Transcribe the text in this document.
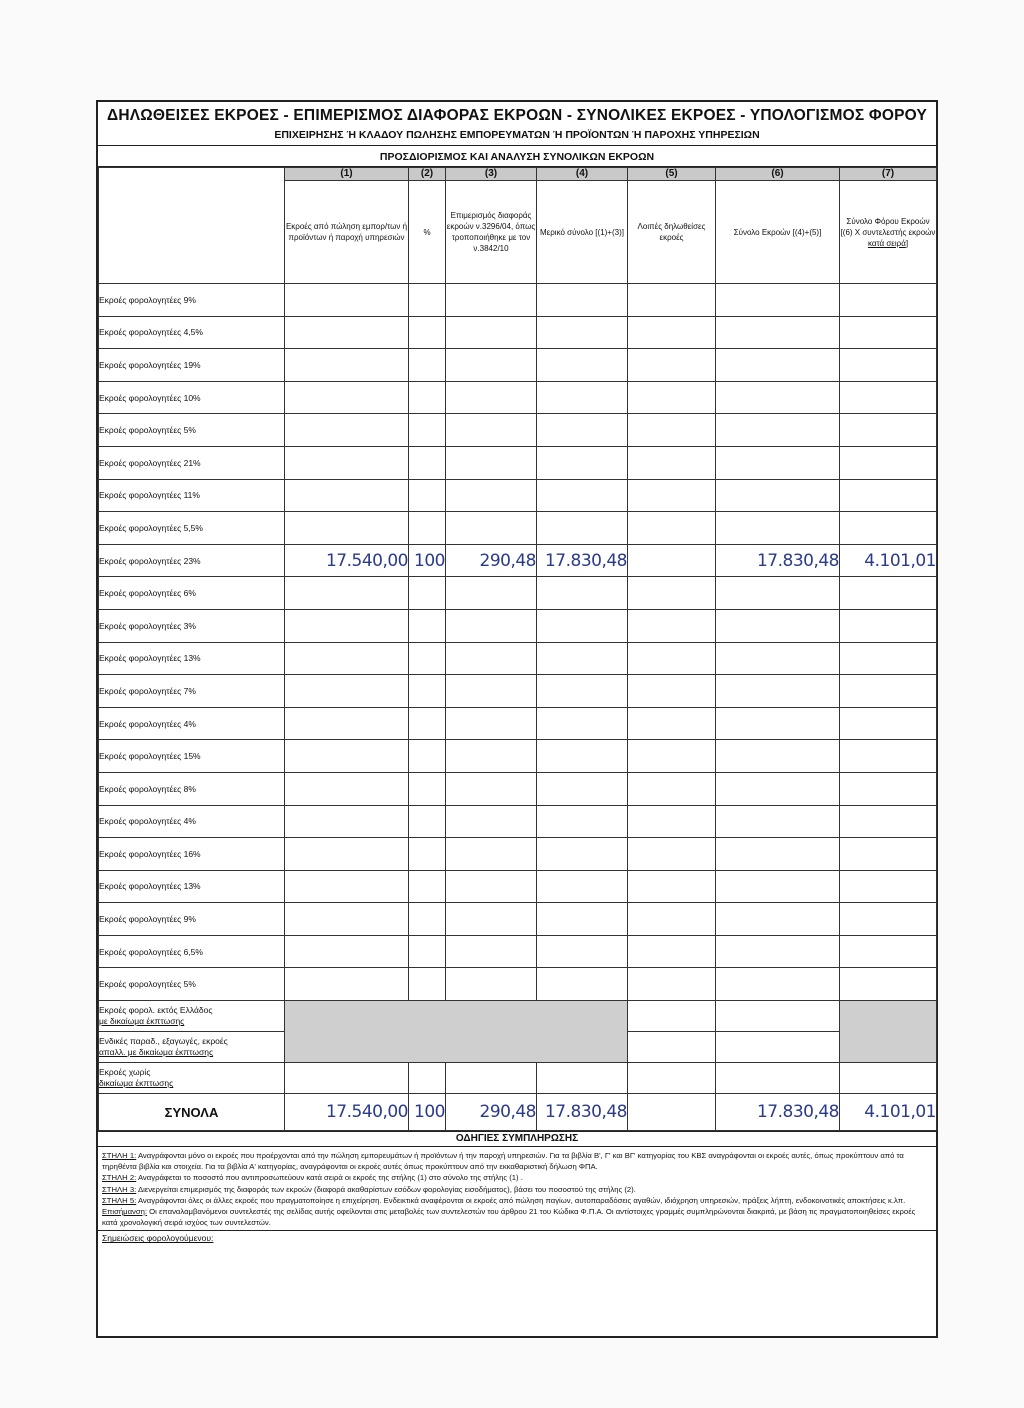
ΔΗΛΩΘΕΙΣΕΣ ΕΚΡΟΕΣ - ΕΠΙΜΕΡΙΣΜΟΣ ΔΙΑΦΟΡΑΣ ΕΚΡΟΩΝ - ΣΥΝΟΛΙΚΕΣ ΕΚΡΟΕΣ - ΥΠΟΛΟΓΙΣΜΟΣ ΦΟΡΟΥ
ΕΠΙΧΕΙΡΗΣΗΣ Ή ΚΛΑΔΟΥ ΠΩΛΗΣΗΣ ΕΜΠΟΡΕΥΜΑΤΩΝ Ή ΠΡΟΪΟΝΤΩΝ Ή ΠΑΡΟΧΗΣ ΥΠΗΡΕΣΙΩΝ
ΠΡΟΣΔΙΟΡΙΣΜΟΣ ΚΑΙ ΑΝΑΛΥΣΗ ΣΥΝΟΛΙΚΩΝ ΕΚΡΟΩΝ
	(1)	(2)	(3)	(4)	(5)	(6)	(7)
	Εκροές από πώληση εμπορ/των ή προϊόντων ή παροχή υπηρεσιών	%	Επιμερισμός διαφοράς εκροών ν.3296/04, όπως τροποποιήθηκε με τον ν.3842/10	Μερικό σύνολο [(1)+(3)]	Λοιπές δηλωθείσες εκροές	Σύνολο Εκροών [(4)+(5)]	Σύνολο Φόρου Εκροών [(6) Χ συντελεστής εκροών κατά σειρά]
Εκροές φορολογητέες 9%							
Εκροές φορολογητέες 4,5%							
Εκροές φορολογητέες 19%							
Εκροές φορολογητέες 10%							
Εκροές φορολογητέες 5%							
Εκροές φορολογητέες 21%							
Εκροές φορολογητέες 11%							
Εκροές φορολογητέες 5,5%							
Εκροές φορολογητέες 23%	17.540,00	100	290,48	17.830,48		17.830,48	4.101,01
Εκροές φορολογητέες 6%							
Εκροές φορολογητέες 3%							
Εκροές φορολογητέες 13%							
Εκροές φορολογητέες 7%							
Εκροές φορολογητέες 4%							
Εκροές φορολογητέες 15%							
Εκροές φορολογητέες 8%							
Εκροές φορολογητέες 4%							
Εκροές φορολογητέες 16%							
Εκροές φορολογητέες 13%							
Εκροές φορολογητέες 9%							
Εκροές φορολογητέες 6,5%							
Εκροές φορολογητέες 5%							
Εκροές φορολ. εκτός Ελλάδος
με δικαίωμα έκπτωσης							
Ενδικές παραδ., εξαγωγές, εκροές
απαλλ. με δικαίωμα έκπτωσης							
Εκροές χωρίς
δικαίωμα έκπτωσης							
ΣΥΝΟΛΑ	17.540,00	100	290,48	17.830,48		17.830,48	4.101,01
ΟΔΗΓΙΕΣ ΣΥΜΠΛΗΡΩΣΗΣ

ΣΤΗΛΗ 1: Αναγράφονται μόνο οι εκροές που προέρχονται από την πώληση εμπορευμάτων ή προϊόντων ή την παροχή υπηρεσιών. Για τα βιβλία Β', Γ' και ΒΓ' κατηγορίας του ΚΒΣ αναγράφονται οι εκροές αυτές, όπως προκύπτουν από τα τηρηθέντα βιβλία και στοιχεία. Για τα βιβλία Α' κατηγορίας, αναγράφονται οι εκροές αυτές όπως προκύπτουν από την εκκαθαριστική δήλωση ΦΠΑ.

ΣΤΗΛΗ 2: Αναγράφεται το ποσοστό που αντιπροσωπεύουν κατά σειρά οι εκροές της στήλης (1) στο σύνολο της στήλης (1) .

ΣΤΗΛΗ 3: Διενεργείται επιμερισμός της διαφοράς των εκροών (διαφορά ακαθαρίστων εσόδων φορολογίας εισοδήματος), βάσει του ποσοστού της στήλης (2).

ΣΤΗΛΗ 5: Αναγράφονται όλες οι άλλες εκροές που πραγματοποίησε η επιχείρηση. Ενδεικτικά αναφέρονται οι εκροές από πώληση παγίων, αυτοπαραδόσεις αγαθών, ιδιόχρηση υπηρεσιών, πράξεις λήπτη, ενδοκοινοτικές αποκτήσεις κ.λπ.

Επισήμανση: Οι επαναλαμβανόμενοι συντελεστές της σελίδας αυτής οφείλονται στις μεταβολές των συντελεστών του άρθρου 21 του Κώδικα Φ.Π.Α. Οι αντίστοιχες γραμμές συμπληρώνονται διακριτά, με βάση τις πραγματοποιηθείσες εκροές κατά χρονολογική σειρά ισχύος των συντελεστών.

Σημειώσεις φορολογούμενου:
